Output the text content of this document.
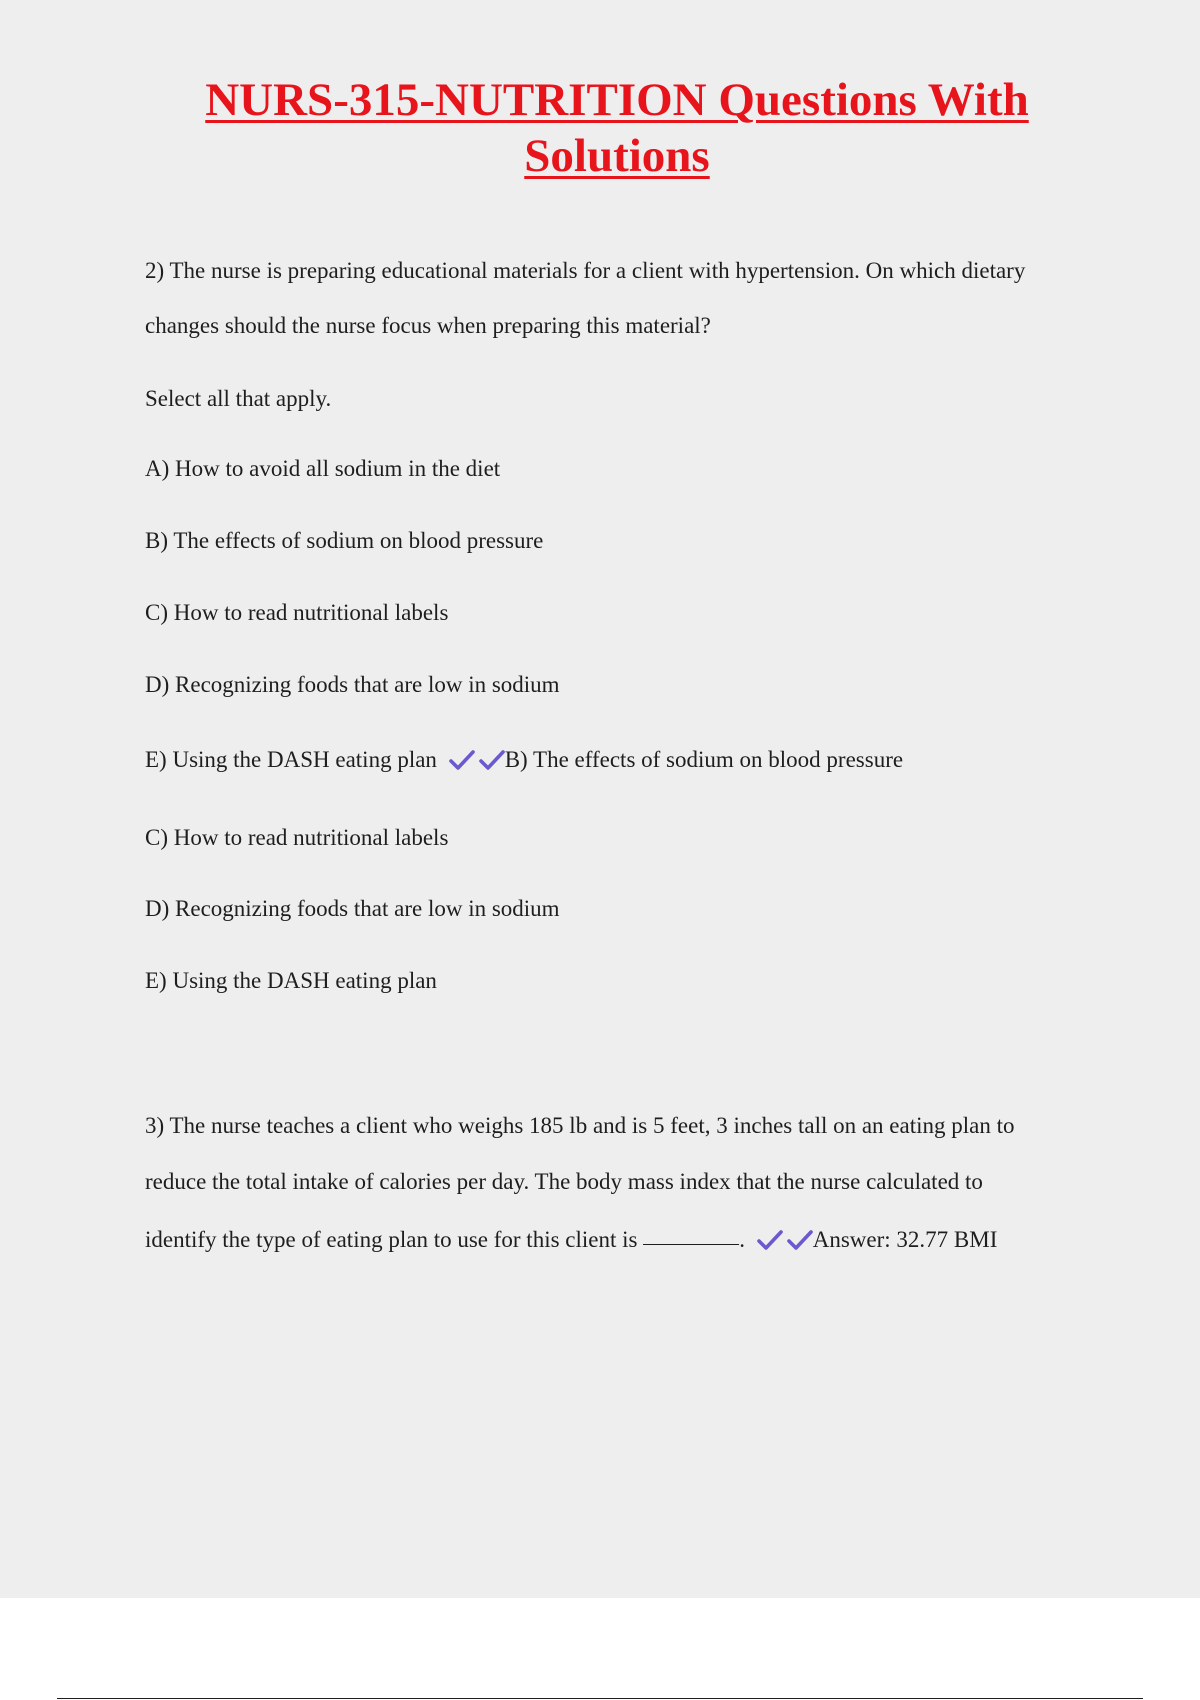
NURS-315-NUTRITION Questions With
Solutions
2) The nurse is preparing educational materials for a client with hypertension. On which dietary
changes should the nurse focus when preparing this material?
Select all that apply.
A) How to avoid all sodium in the diet
B) The effects of sodium on blood pressure
C) How to read nutritional labels
D) Recognizing foods that are low in sodium
E) Using the DASH eating plan	B) The effects of sodium on blood pressure
C) How to read nutritional labels
D) Recognizing foods that are low in sodium
E) Using the DASH eating plan
3) The nurse teaches a client who weighs 185 lb and is 5 feet, 3 inches tall on an eating plan to
reduce the total intake of calories per day. The body mass index that the nurse calculated to
identify the type of eating plan to use for this client is	.	Answer: 32.77 BMI
